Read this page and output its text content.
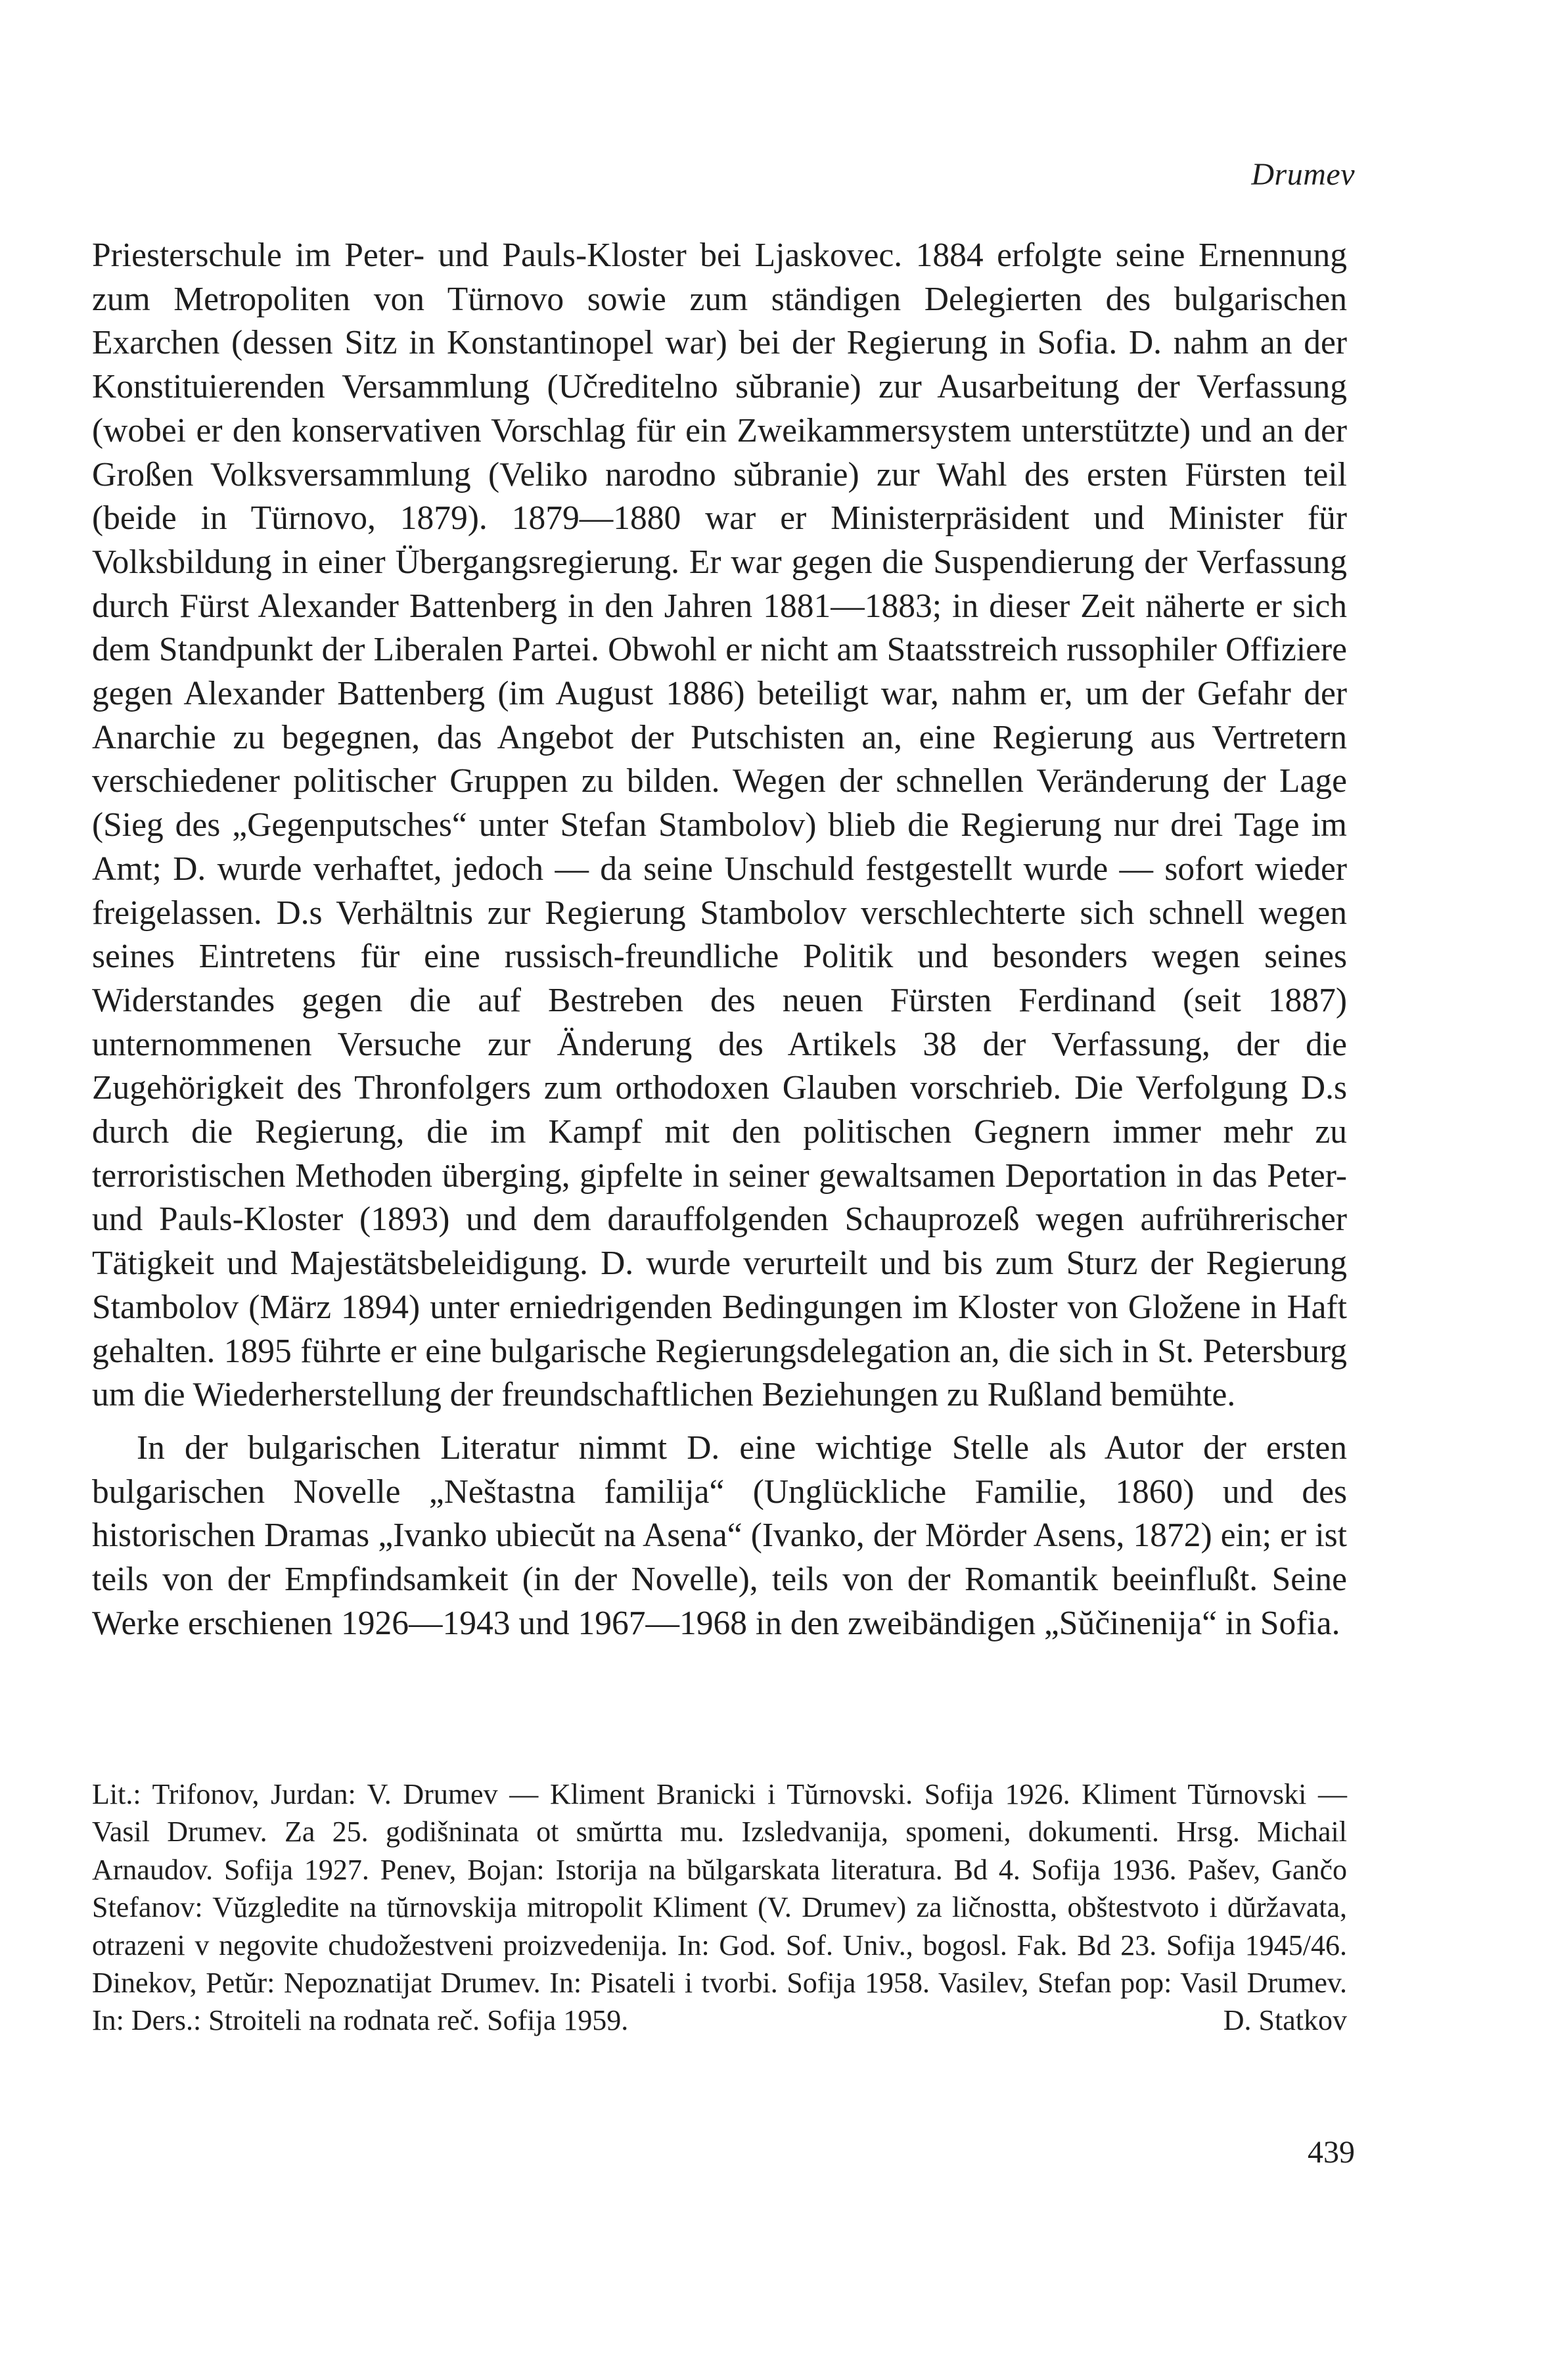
Drumev

Priesterschule im Peter- und Pauls-Kloster bei Ljaskovec. 1884 erfolgte seine Ernennung zum Metropoliten von Türnovo sowie zum ständigen Delegierten des bulgarischen Exarchen (dessen Sitz in Konstantinopel war) bei der Regierung in Sofia. D. nahm an der Konstituierenden Versammlung (Učreditelno sŭbranie) zur Ausarbeitung der Verfassung (wobei er den konservativen Vorschlag für ein Zweikammersystem unterstützte) und an der Großen Volksversammlung (Veliko narodno sŭbranie) zur Wahl des ersten Fürsten teil (beide in Türnovo, 1879). 1879—1880 war er Ministerpräsident und Minister für Volksbildung in einer Übergangsregierung. Er war gegen die Suspendierung der Verfassung durch Fürst Alexander Battenberg in den Jahren 1881—1883; in dieser Zeit näherte er sich dem Standpunkt der Liberalen Partei. Obwohl er nicht am Staatsstreich russophiler Offiziere gegen Alexander Battenberg (im August 1886) beteiligt war, nahm er, um der Gefahr der Anarchie zu begegnen, das Angebot der Putschisten an, eine Regierung aus Vertretern verschiedener politischer Gruppen zu bilden. Wegen der schnellen Veränderung der Lage (Sieg des „Gegenputsches“ unter Stefan Stambolov) blieb die Regierung nur drei Tage im Amt; D. wurde verhaftet, jedoch — da seine Unschuld festgestellt wurde — sofort wieder freigelassen. D.s Verhältnis zur Regierung Stambolov verschlechterte sich schnell wegen seines Eintretens für eine russisch-freundliche Politik und besonders wegen seines Widerstandes gegen die auf Bestreben des neuen Fürsten Ferdinand (seit 1887) unternommenen Versuche zur Änderung des Artikels 38 der Verfassung, der die Zugehörigkeit des Thronfolgers zum orthodoxen Glauben vorschrieb. Die Verfolgung D.s durch die Regierung, die im Kampf mit den politischen Gegnern immer mehr zu terroristischen Methoden überging, gipfelte in seiner gewaltsamen Deportation in das Peter- und Pauls-Kloster (1893) und dem darauffolgenden Schauprozeß wegen aufrührerischer Tätigkeit und Majestätsbeleidigung. D. wurde verurteilt und bis zum Sturz der Regierung Stambolov (März 1894) unter erniedrigenden Bedingungen im Kloster von Gložene in Haft gehalten. 1895 führte er eine bulgarische Regierungsdelegation an, die sich in St. Petersburg um die Wiederherstellung der freundschaftlichen Beziehungen zu Rußland bemühte.

In der bulgarischen Literatur nimmt D. eine wichtige Stelle als Autor der ersten bulgarischen Novelle „Neštastna familija“ (Unglückliche Familie, 1860) und des historischen Dramas „Ivanko ubiecŭt na Asena“ (Ivanko, der Mörder Asens, 1872) ein; er ist teils von der Empfindsamkeit (in der Novelle), teils von der Romantik beeinflußt. Seine Werke erschienen 1926—1943 und 1967—1968 in den zweibändigen „Sŭčinenija“ in Sofia.

Lit.: Trifonov, Jurdan: V. Drumev — Kliment Branicki i Tŭrnovski. Sofija 1926. Kliment Tŭrnovski — Vasil Drumev. Za 25. godišninata ot smŭrtta mu. Izsledvanija, spomeni, dokumenti. Hrsg. Michail Arnaudov. Sofija 1927. Penev, Bojan: Istorija na bŭlgarskata literatura. Bd 4. Sofija 1936. Pašev, Gančo Stefanov: Vŭzgledite na tŭrnovskija mitropolit Kliment (V. Drumev) za ličnostta, obštestvoto i dŭržavata, otrazeni v negovite chudožestveni proizvedenija. In: God. Sof. Univ., bogosl. Fak. Bd 23. Sofija 1945/46. Dinekov, Petŭr: Nepoznatijat Drumev. In: Pisateli i tvorbi. Sofija 1958. Vasilev, Stefan pop: Vasil Drumev. In: Ders.: Stroiteli na rodnata reč. Sofija 1959.	D. Statkov

439
